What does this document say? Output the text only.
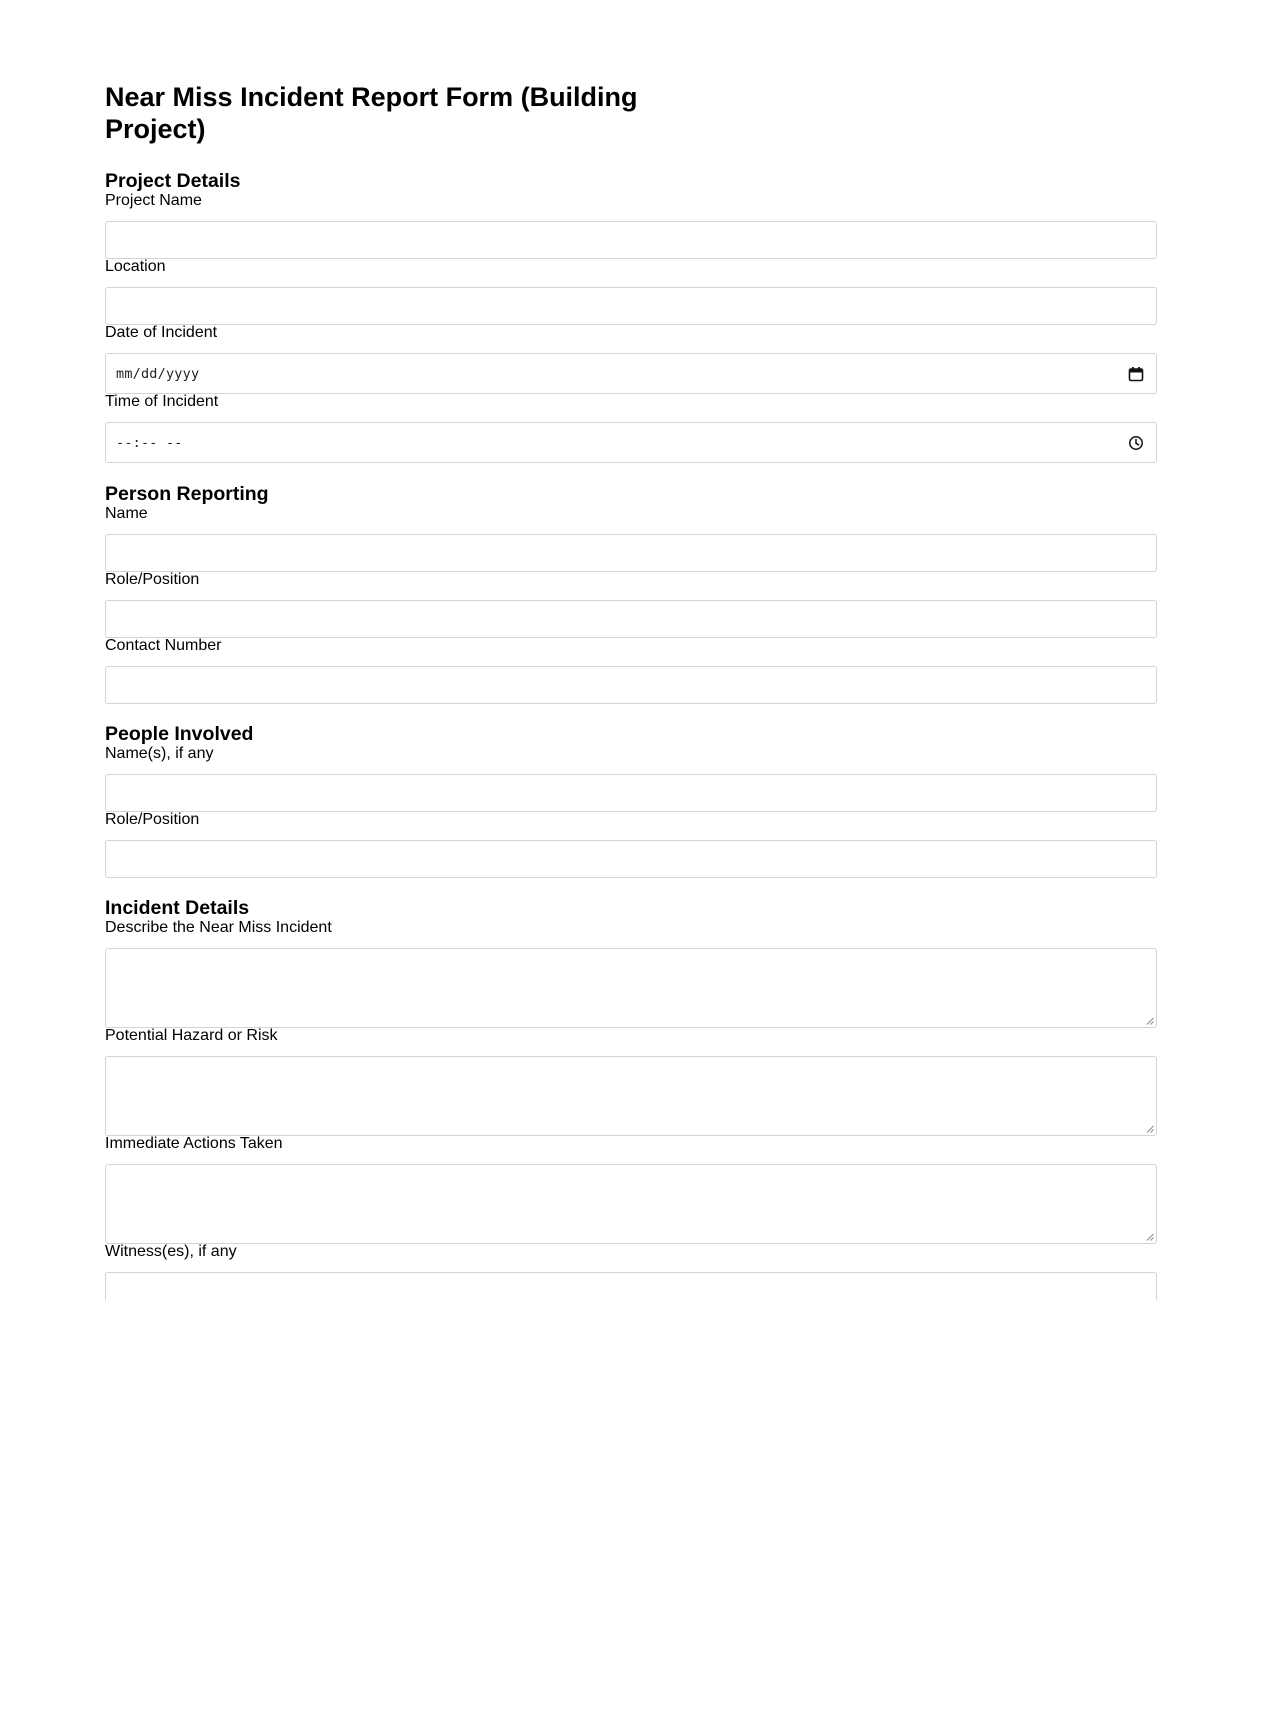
Near Miss Incident Report Form (Building Project)
Project Details
Project Name
Location
Date of Incident
mm/dd/yyyy
Time of Incident
--:-- --
Person Reporting
Name
Role/Position
Contact Number
People Involved
Name(s), if any
Role/Position
Incident Details
Describe the Near Miss Incident
Potential Hazard or Risk
Immediate Actions Taken
Witness(es), if any
